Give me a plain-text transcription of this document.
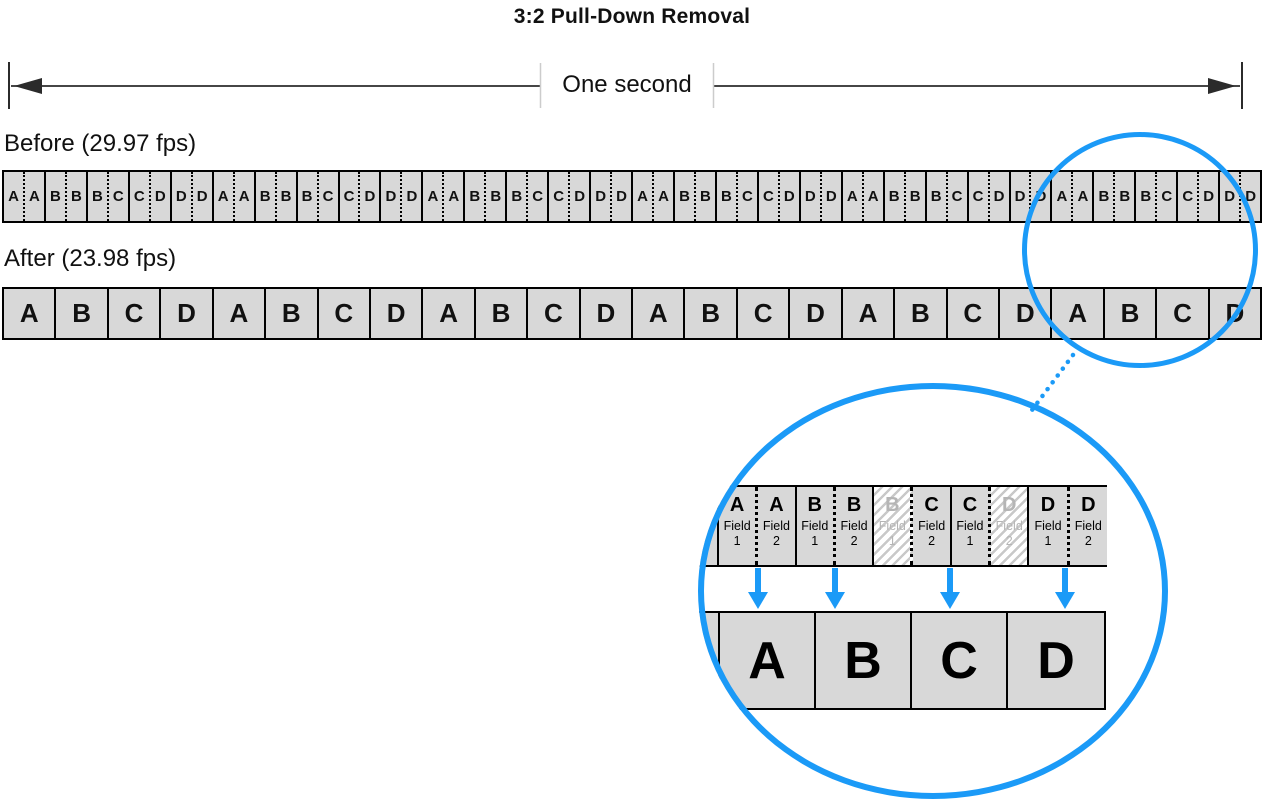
3:2 Pull-Down Removal
One second
Before (29.97 fps)
A A B B B C C D D D A A B B B C C D D D A A B B B C C D D D A A B B B C C D D D A A B B B C C D D D A A B B B C C D D D
After (23.98 fps)
A	B	C	D	A	B	C	D	A	B	C	D	A	B	C	D	A	B	C	D	A	B	C	D
A
Field
1
A
Field
2
B
Field
1
B
Field
2
B
Field
1
C
Field
2
C
Field
1
D
Field
2
D
Field
1
D
Field
2
A	B	C	D
